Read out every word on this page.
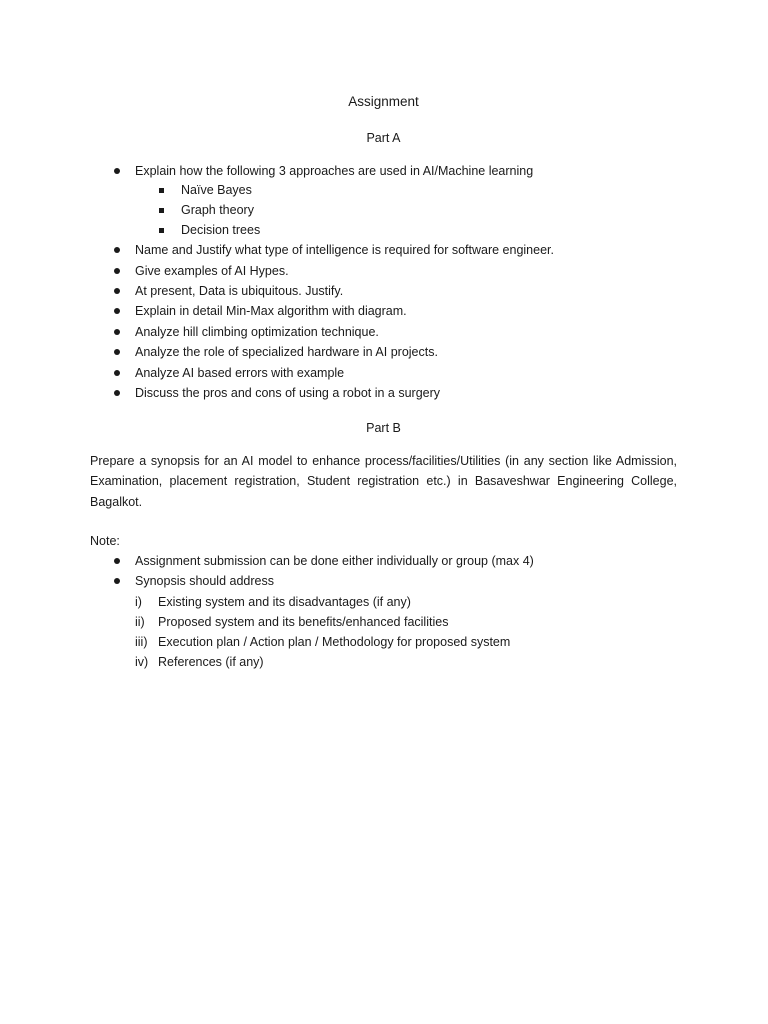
Assignment
Part A
Explain how the following 3 approaches are used in AI/Machine learning
Naïve Bayes
Graph theory
Decision trees
Name and Justify what type of intelligence is required for software engineer.
Give examples of AI Hypes.
At present, Data is ubiquitous. Justify.
Explain in detail Min-Max algorithm with diagram.
Analyze hill climbing optimization technique.
Analyze the role of specialized hardware in AI projects.
Analyze AI based errors with example
Discuss the pros and cons of using a robot in a surgery
Part B

Prepare a synopsis for an AI model to enhance process/facilities/Utilities (in any section like Admission, Examination, placement registration, Student registration etc.) in Basaveshwar Engineering College, Bagalkot.

Note:
Assignment submission can be done either individually or group (max 4)
Synopsis should address
i) Existing system and its disadvantages (if any)
ii) Proposed system and its benefits/enhanced facilities
iii) Execution plan / Action plan / Methodology for proposed system
iv) References (if any)
